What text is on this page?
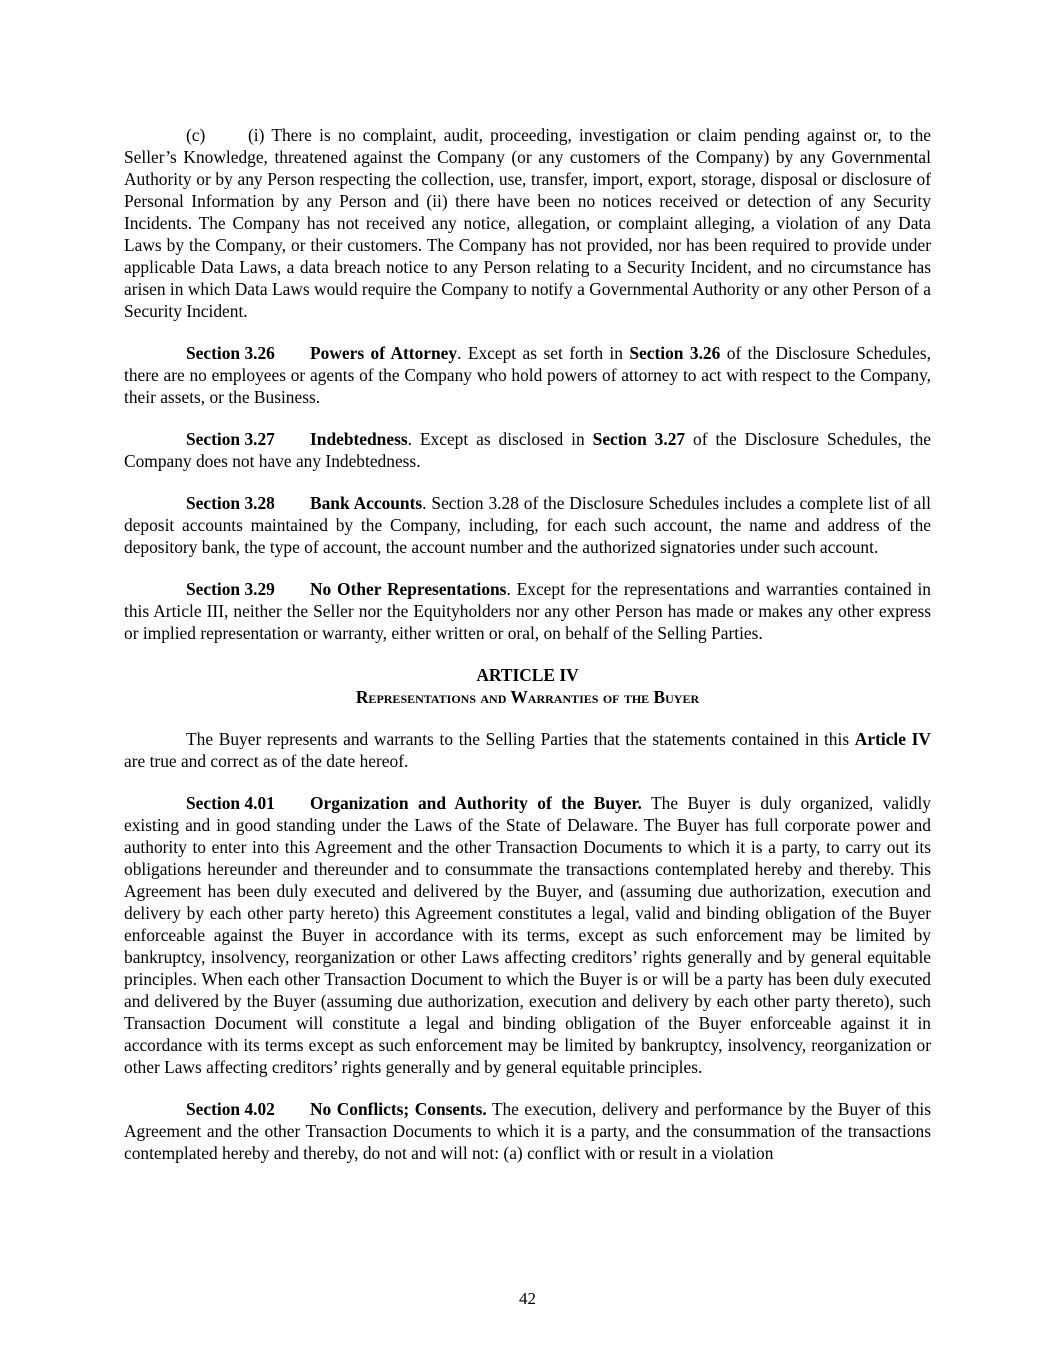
(c) (i) There is no complaint, audit, proceeding, investigation or claim pending against or, to the Seller’s Knowledge, threatened against the Company (or any customers of the Company) by any Governmental Authority or by any Person respecting the collection, use, transfer, import, export, storage, disposal or disclosure of Personal Information by any Person and (ii) there have been no notices received or detection of any Security Incidents. The Company has not received any notice, allegation, or complaint alleging, a violation of any Data Laws by the Company, or their customers. The Company has not provided, nor has been required to provide under applicable Data Laws, a data breach notice to any Person relating to a Security Incident, and no circumstance has arisen in which Data Laws would require the Company to notify a Governmental Authority or any other Person of a Security Incident.

Section 3.26 Powers of Attorney. Except as set forth in Section 3.26 of the Disclosure Schedules, there are no employees or agents of the Company who hold powers of attorney to act with respect to the Company, their assets, or the Business.

Section 3.27 Indebtedness. Except as disclosed in Section 3.27 of the Disclosure Schedules, the Company does not have any Indebtedness.

Section 3.28 Bank Accounts. Section 3.28 of the Disclosure Schedules includes a complete list of all deposit accounts maintained by the Company, including, for each such account, the name and address of the depository bank, the type of account, the account number and the authorized signatories under such account.

Section 3.29 No Other Representations. Except for the representations and warranties contained in this Article III, neither the Seller nor the Equityholders nor any other Person has made or makes any other express or implied representation or warranty, either written or oral, on behalf of the Selling Parties.

ARTICLE IV

Representations and Warranties of the Buyer

The Buyer represents and warrants to the Selling Parties that the statements contained in this Article IV are true and correct as of the date hereof.

Section 4.01 Organization and Authority of the Buyer. The Buyer is duly organized, validly existing and in good standing under the Laws of the State of Delaware. The Buyer has full corporate power and authority to enter into this Agreement and the other Transaction Documents to which it is a party, to carry out its obligations hereunder and thereunder and to consummate the transactions contemplated hereby and thereby. This Agreement has been duly executed and delivered by the Buyer, and (assuming due authorization, execution and delivery by each other party hereto) this Agreement constitutes a legal, valid and binding obligation of the Buyer enforceable against the Buyer in accordance with its terms, except as such enforcement may be limited by bankruptcy, insolvency, reorganization or other Laws affecting creditors’ rights generally and by general equitable principles. When each other Transaction Document to which the Buyer is or will be a party has been duly executed and delivered by the Buyer (assuming due authorization, execution and delivery by each other party thereto), such Transaction Document will constitute a legal and binding obligation of the Buyer enforceable against it in accordance with its terms except as such enforcement may be limited by bankruptcy, insolvency, reorganization or other Laws affecting creditors’ rights generally and by general equitable principles.

Section 4.02 No Conflicts; Consents. The execution, delivery and performance by the Buyer of this Agreement and the other Transaction Documents to which it is a party, and the consummation of the transactions contemplated hereby and thereby, do not and will not: (a) conflict with or result in a violation

42
